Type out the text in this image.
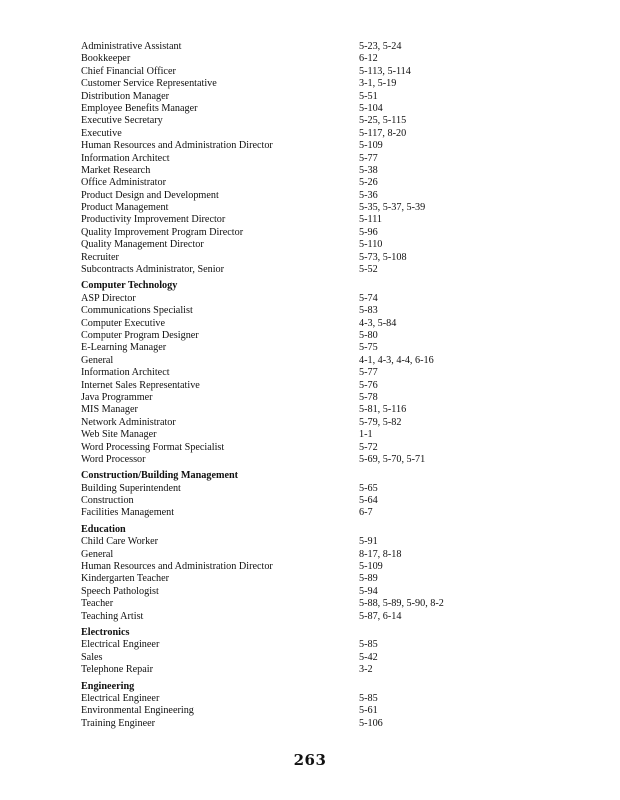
Administrative Assistant	5-23, 5-24
Bookkeeper	6-12
Chief Financial Officer	5-113, 5-114
Customer Service Representative	3-1, 5-19
Distribution Manager	5-51
Employee Benefits Manager	5-104
Executive Secretary	5-25, 5-115
Executive	5-117, 8-20
Human Resources and Administration Director	5-109
Information Architect	5-77
Market Research	5-38
Office Administrator	5-26
Product Design and Development	5-36
Product Management	5-35, 5-37, 5-39
Productivity Improvement Director	5-111
Quality Improvement Program Director	5-96
Quality Management Director	5-110
Recruiter	5-73, 5-108
Subcontracts Administrator, Senior	5-52
Computer Technology
ASP Director	5-74
Communications Specialist	5-83
Computer Executive	4-3, 5-84
Computer Program Designer	5-80
E-Learning Manager	5-75
General	4-1, 4-3, 4-4, 6-16
Information Architect	5-77
Internet Sales Representative	5-76
Java Programmer	5-78
MIS Manager	5-81, 5-116
Network Administrator	5-79, 5-82
Web Site Manager	1-1
Word Processing Format Specialist	5-72
Word Processor	5-69, 5-70, 5-71
Construction/Building Management
Building Superintendent	5-65
Construction	5-64
Facilities Management	6-7
Education
Child Care Worker	5-91
General	8-17, 8-18
Human Resources and Administration Director	5-109
Kindergarten Teacher	5-89
Speech Pathologist	5-94
Teacher	5-88, 5-89, 5-90, 8-2
Teaching Artist	5-87, 6-14
Electronics
Electrical Engineer	5-85
Sales	5-42
Telephone Repair	3-2
Engineering
Electrical Engineer	5-85
Environmental Engineering	5-61
Training Engineer	5-106
263
